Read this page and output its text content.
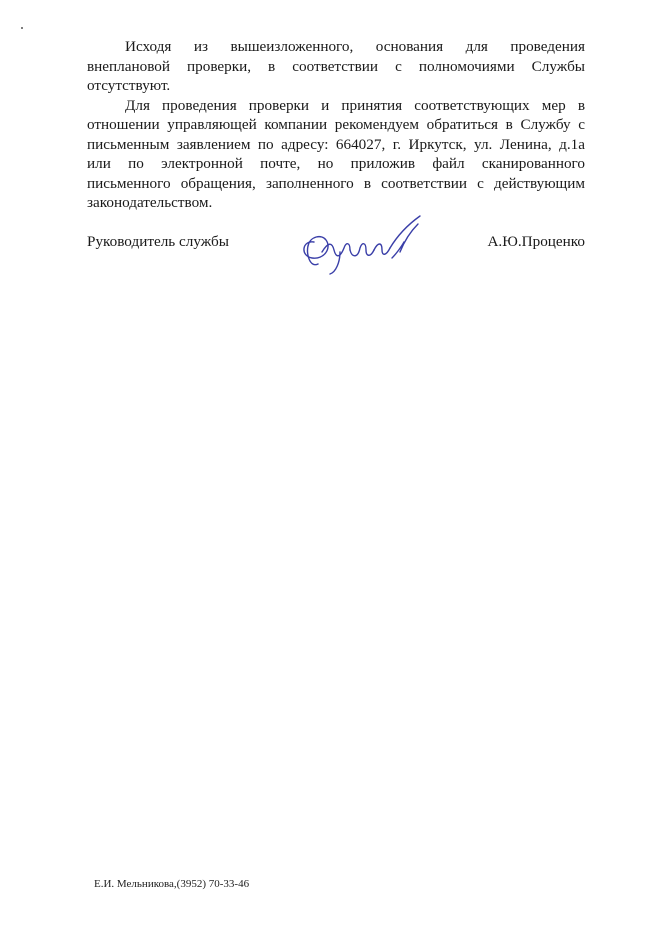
Исходя из вышеизложенного, основания для проведения
внеплановой проверки, в соответствии с полномочиями Службы
отсутствуют.

Для проведения проверки и принятия соответствующих мер в
отношении управляющей компании рекомендуем обратиться в Службу с
письменным заявлением по адресу: 664027, г. Иркутск, ул. Ленина, д.1а
или по электронной почте, но приложив файл сканированного
письменного обращения, заполненного в соответствии с действующим
законодательством.

Руководитель службы	А.Ю.Проценко
Е.И. Мельникова,(3952) 70-33-46
